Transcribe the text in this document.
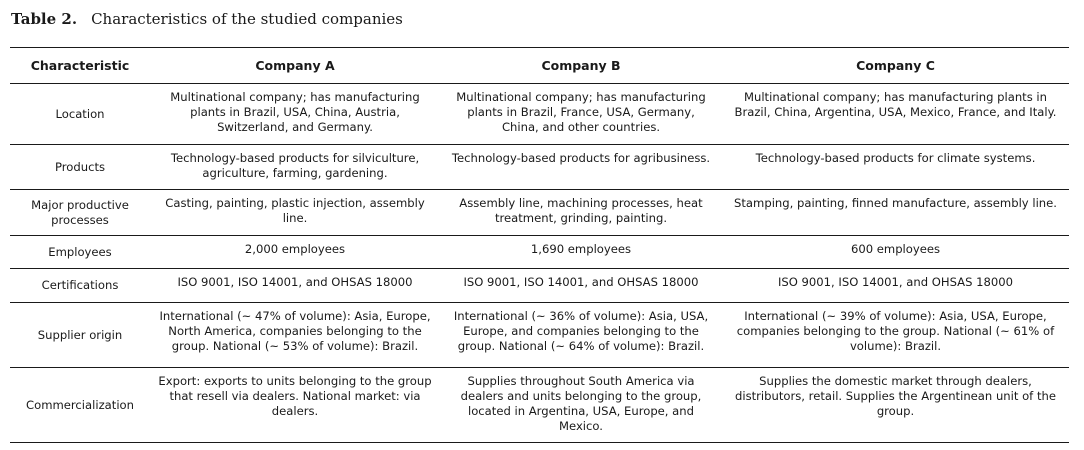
Table 2. Characteristics of the studied companies
Characteristic	Company A	Company B	Company C
Location	Multinational company; has manufacturing plants in Brazil, USA, China, Austria, Switzerland, and Germany.	Multinational company; has manufacturing plants in Brazil, France, USA, Germany, China, and other countries.	Multinational company; has manufacturing plants in Brazil, China, Argentina, USA, Mexico, France, and Italy.
Products	Technology-based products for silviculture, agriculture, farming, gardening.	Technology-based products for agribusiness.	Technology-based products for climate systems.
Major productive processes	Casting, painting, plastic injection, assembly line.	Assembly line, machining processes, heat treatment, grinding, painting.	Stamping, painting, finned manufacture, assembly line.
Employees	2,000 employees	1,690 employees	600 employees
Certifications	ISO 9001, ISO 14001, and OHSAS 18000	ISO 9001, ISO 14001, and OHSAS 18000	ISO 9001, ISO 14001, and OHSAS 18000
Supplier origin	International (~ 47% of volume): Asia, Europe, North America, companies belonging to the group. National (~ 53% of volume): Brazil.	International (~ 36% of volume): Asia, USA, Europe, and companies belonging to the group. National (~ 64% of volume): Brazil.	International (~ 39% of volume): Asia, USA, Europe, companies belonging to the group. National (~ 61% of volume): Brazil.
Commercialization	Export: exports to units belonging to the group that resell via dealers. National market: via dealers.	Supplies throughout South America via dealers and units belonging to the group, located in Argentina, USA, Europe, and Mexico.	Supplies the domestic market through dealers, distributors, retail. Supplies the Argentinean unit of the group.
